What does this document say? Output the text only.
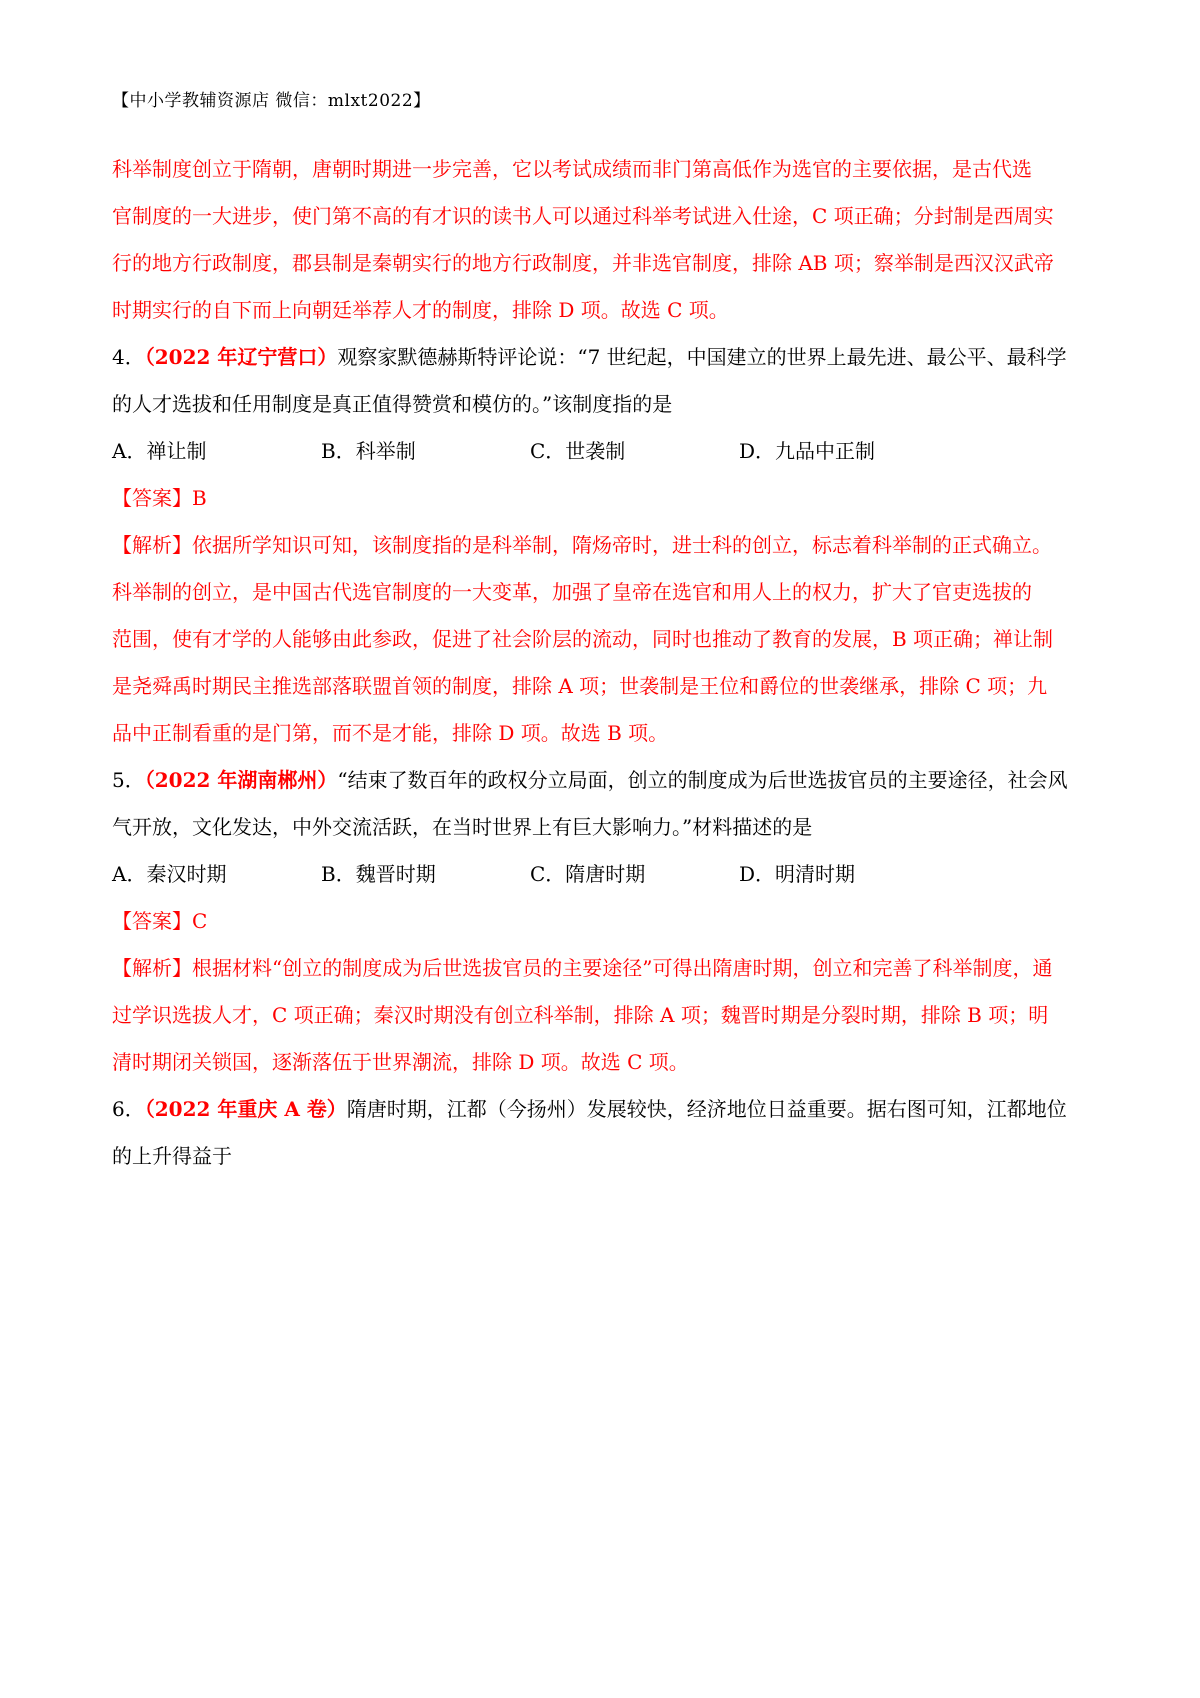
【中小学教辅资源店 微信：mlxt2022】
科举制度创立于隋朝，唐朝时期进一步完善，它以考试成绩而非门第高低作为选官的主要依据，是古代选
官制度的一大进步，使门第不高的有才识的读书人可以通过科举考试进入仕途，C 项正确；分封制是西周实
行的地方行政制度，郡县制是秦朝实行的地方行政制度，并非选官制度，排除 AB 项；察举制是西汉汉武帝
时期实行的自下而上向朝廷举荐人才的制度，排除 D 项。故选 C 项。
4．（2022 年辽宁营口）观察家默德赫斯特评论说：“7 世纪起，中国建立的世界上最先进、最公平、最科学
的人才选拔和任用制度是真正值得赞赏和模仿的。”该制度指的是
A．禅让制	B．科举制	C．世袭制	D．九品中正制
【答案】B
【解析】依据所学知识可知，该制度指的是科举制，隋炀帝时，进士科的创立，标志着科举制的正式确立。
科举制的创立，是中国古代选官制度的一大变革，加强了皇帝在选官和用人上的权力，扩大了官吏选拔的
范围，使有才学的人能够由此参政，促进了社会阶层的流动，同时也推动了教育的发展，B 项正确；禅让制
是尧舜禹时期民主推选部落联盟首领的制度，排除 A 项；世袭制是王位和爵位的世袭继承，排除 C 项；九
品中正制看重的是门第，而不是才能，排除 D 项。故选 B 项。
5．（2022 年湖南郴州）“结束了数百年的政权分立局面，创立的制度成为后世选拔官员的主要途径，社会风
气开放，文化发达，中外交流活跃，在当时世界上有巨大影响力。”材料描述的是
A．秦汉时期	B．魏晋时期	C．隋唐时期	D．明清时期
【答案】C
【解析】根据材料“创立的制度成为后世选拔官员的主要途径”可得出隋唐时期，创立和完善了科举制度，通
过学识选拔人才，C 项正确；秦汉时期没有创立科举制，排除 A 项；魏晋时期是分裂时期，排除 B 项；明
清时期闭关锁国，逐渐落伍于世界潮流，排除 D 项。故选 C 项。
6．（2022 年重庆 A 卷）隋唐时期，江都（今扬州）发展较快，经济地位日益重要。据右图可知，江都地位
的上升得益于
